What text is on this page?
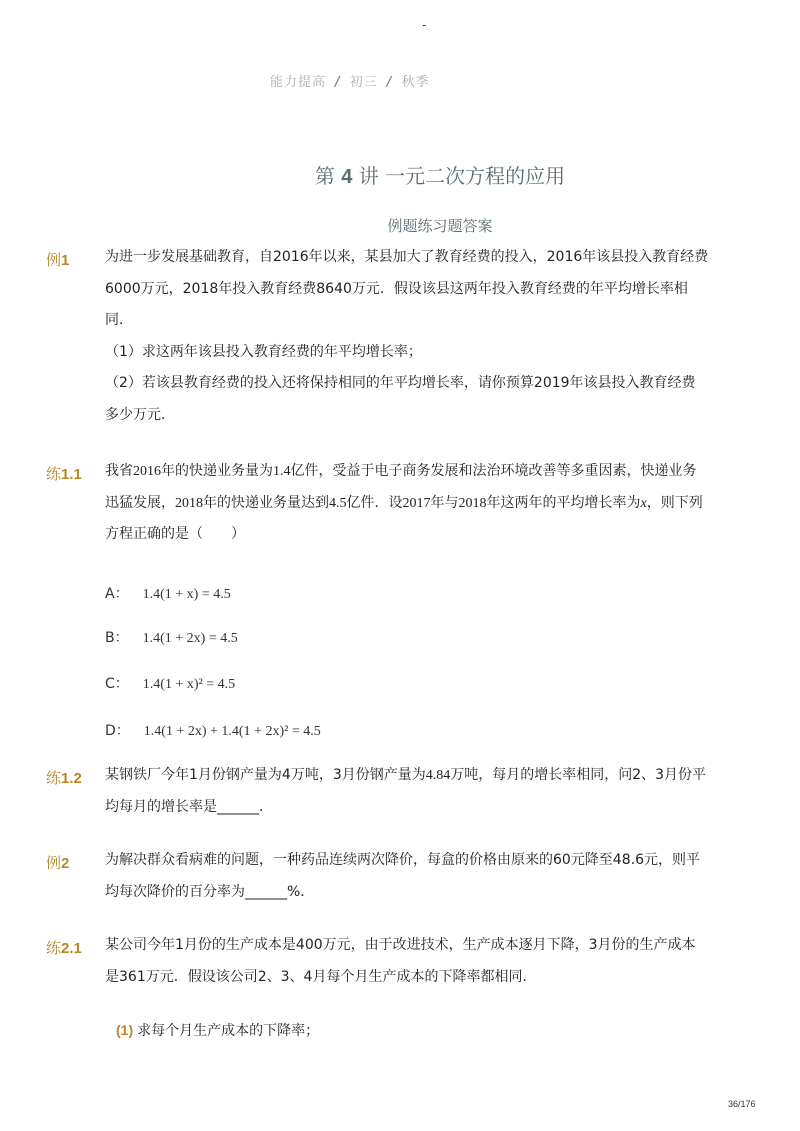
-
能力提高 / 初三 / 秋季
第 4 讲 一元二次方程的应用
例题练习题答案
例1	为进一步发展基础教育，自2016年以来，某县加大了教育经费的投入，2016年该县投入教育经费
6000万元，2018年投入教育经费8640万元．假设该县这两年投入教育经费的年平均增长率相
同．
（1）求这两年该县投入教育经费的年平均增长率；
（2）若该县教育经费的投入还将保持相同的年平均增长率，请你预算2019年该县投入教育经费
多少万元．
练1.1 我省2016年的快递业务量为1.4亿件，受益于电子商务发展和法治环境改善等多重因素，快递业务
迅猛发展，2018年的快递业务量达到4.5亿件．设2017年与2018年这两年的平均增长率为x，则下列
方程正确的是（　　）
A： 1.4(1 + x) = 4.5
B： 1.4(1 + 2x) = 4.5
C： 1.4(1 + x)² = 4.5
D： 1.4(1 + 2x) + 1.4(1 + 2x)² = 4.5
练1.2 某钢铁厂今年1月份钢产量为4万吨，3月份钢产量为4.84万吨，每月的增长率相同，问2、3月份平
均每月的增长率是______．
例2	为解决群众看病难的问题，一种药品连续两次降价，每盒的价格由原来的60元降至48.6元，则平
均每次降价的百分率为______%．
练2.1 某公司今年1月份的生产成本是400万元，由于改进技术，生产成本逐月下降，3月份的生产成本
是361万元．假设该公司2、3、4月每个月生产成本的下降率都相同．
(1) 求每个月生产成本的下降率；
36/176
